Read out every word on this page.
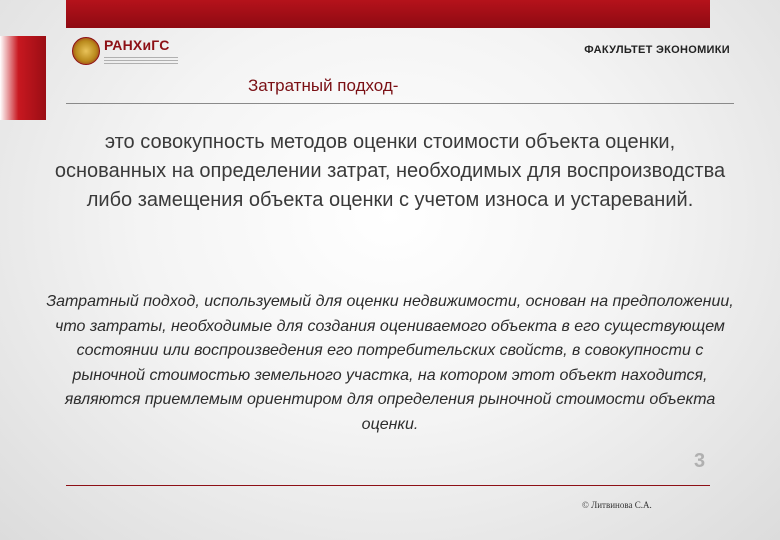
РАНХиГС	ФАКУЛЬТЕТ ЭКОНОМИКИ
Затратный подход-
это совокупность методов оценки стоимости объекта оценки, основанных на определении затрат, необходимых для воспроизводства либо замещения объекта оценки с учетом износа и устареваний.
Затратный подход, используемый для оценки недвижимости, основан на предположении, что затраты, необходимые для создания оцениваемого объекта в его существующем состоянии или воспроизведения его потребительских свойств, в совокупности с рыночной стоимостью земельного участка, на котором этот объект находится, являются приемлемым ориентиром для определения рыночной стоимости объекта оценки.
3
© Литвинова С.А.
